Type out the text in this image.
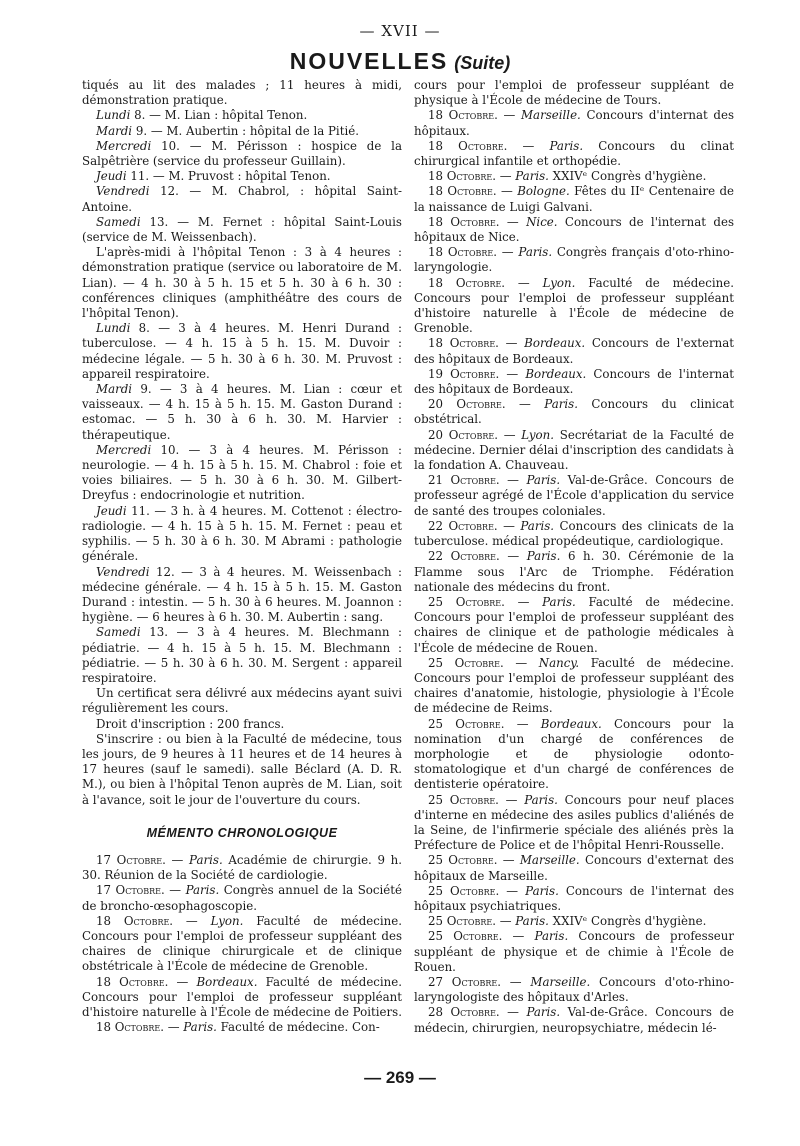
— XVII —
NOUVELLES (Suite)

tiqués au lit des malades ; 11 heures à midi, démonstration pratique.

Lundi 8. — M. Lian : hôpital Tenon.

Mardi 9. — M. Aubertin : hôpital de la Pitié.

Mercredi 10. — M. Périsson : hospice de la Salpêtrière (service du professeur Guillain).

Jeudi 11. — M. Pruvost : hôpital Tenon.

Vendredi 12. — M. Chabrol, : hôpital Saint-Antoine.

Samedi 13. — M. Fernet : hôpital Saint-Louis (service de M. Weissenbach).

L'après-midi à l'hôpital Tenon : 3 à 4 heures : démonstration pratique (service ou laboratoire de M. Lian). — 4 h. 30 à 5 h. 15 et 5 h. 30 à 6 h. 30 : conférences cliniques (amphithéâtre des cours de l'hôpital Tenon).

Lundi 8. — 3 à 4 heures. M. Henri Durand : tuberculose. — 4 h. 15 à 5 h. 15. M. Duvoir : médecine légale. — 5 h. 30 à 6 h. 30. M. Pruvost : appareil respiratoire.

Mardi 9. — 3 à 4 heures. M. Lian : cœur et vaisseaux. — 4 h. 15 à 5 h. 15. M. Gaston Durand : estomac. — 5 h. 30 à 6 h. 30. M. Harvier : thérapeutique.

Mercredi 10. — 3 à 4 heures. M. Périsson : neurologie. — 4 h. 15 à 5 h. 15. M. Chabrol : foie et voies biliaires. — 5 h. 30 à 6 h. 30. M. Gilbert-Dreyfus : endocrinologie et nutrition.

Jeudi 11. — 3 h. à 4 heures. M. Cottenot : électro-radiologie. — 4 h. 15 à 5 h. 15. M. Fernet : peau et syphilis. — 5 h. 30 à 6 h. 30. M Abrami : pathologie générale.

Vendredi 12. — 3 à 4 heures. M. Weissenbach : médecine générale. — 4 h. 15 à 5 h. 15. M. Gaston Durand : intestin. — 5 h. 30 à 6 heures. M. Joannon : hygiène. — 6 heures à 6 h. 30. M. Aubertin : sang.

Samedi 13. — 3 à 4 heures. M. Blechmann : pédiatrie. — 4 h. 15 à 5 h. 15. M. Blechmann : pédiatrie. — 5 h. 30 à 6 h. 30. M. Sergent : appareil respiratoire.

Un certificat sera délivré aux médecins ayant suivi régulièrement les cours.

Droit d'inscription : 200 francs.

S'inscrire : ou bien à la Faculté de médecine, tous les jours, de 9 heures à 11 heures et de 14 heures à 17 heures (sauf le samedi). salle Béclard (A. D. R. M.), ou bien à l'hôpital Tenon auprès de M. Lian, soit à l'avance, soit le jour de l'ouverture du cours.

MÉMENTO CHRONOLOGIQUE

17 Octobre. — Paris. Académie de chirurgie. 9 h. 30. Réunion de la Société de cardiologie.

17 Octobre. — Paris. Congrès annuel de la Société de broncho-œsophagoscopie.

18 Octobre. — Lyon. Faculté de médecine. Concours pour l'emploi de professeur suppléant des chaires de clinique chirurgicale et de clinique obstétricale à l'École de médecine de Grenoble.

18 Octobre. — Bordeaux. Faculté de médecine. Concours pour l'emploi de professeur suppléant d'histoire naturelle à l'École de médecine de Poitiers.

18 Octobre. — Paris. Faculté de médecine. Con-

cours pour l'emploi de professeur suppléant de physique à l'École de médecine de Tours.

18 Octobre. — Marseille. Concours d'internat des hôpitaux.

18 Octobre. — Paris. Concours du clinat chirurgical infantile et orthopédie.

18 Octobre. — Paris. XXIVᵉ Congrès d'hygiène.

18 Octobre. — Bologne. Fêtes du IIᵉ Centenaire de la naissance de Luigi Galvani.

18 Octobre. — Nice. Concours de l'internat des hôpitaux de Nice.

18 Octobre. — Paris. Congrès français d'oto-rhino-laryngologie.

18 Octobre. — Lyon. Faculté de médecine. Concours pour l'emploi de professeur suppléant d'histoire naturelle à l'École de médecine de Grenoble.

18 Octobre. — Bordeaux. Concours de l'externat des hôpitaux de Bordeaux.

19 Octobre. — Bordeaux. Concours de l'internat des hôpitaux de Bordeaux.

20 Octobre. — Paris. Concours du clinicat obstétrical.

20 Octobre. — Lyon. Secrétariat de la Faculté de médecine. Dernier délai d'inscription des candidats à la fondation A. Chauveau.

21 Octobre. — Paris. Val-de-Grâce. Concours de professeur agrégé de l'École d'application du service de santé des troupes coloniales.

22 Octobre. — Paris. Concours des clinicats de la tuberculose. médical propédeutique, cardiologique.

22 Octobre. — Paris. 6 h. 30. Cérémonie de la Flamme sous l'Arc de Triomphe. Fédération nationale des médecins du front.

25 Octobre. — Paris. Faculté de médecine. Concours pour l'emploi de professeur suppléant des chaires de clinique et de pathologie médicales à l'École de médecine de Rouen.

25 Octobre. — Nancy. Faculté de médecine. Concours pour l'emploi de professeur suppléant des chaires d'anatomie, histologie, physiologie à l'École de médecine de Reims.

25 Octobre. — Bordeaux. Concours pour la nomination d'un chargé de conférences de morphologie et de physiologie odonto-stomatologique et d'un chargé de conférences de dentisterie opératoire.

25 Octobre. — Paris. Concours pour neuf places d'interne en médecine des asiles publics d'aliénés de la Seine, de l'infirmerie spéciale des aliénés près la Préfecture de Police et de l'hôpital Henri-Rousselle.

25 Octobre. — Marseille. Concours d'externat des hôpitaux de Marseille.

25 Octobre. — Paris. Concours de l'internat des hôpitaux psychiatriques.

25 Octobre. — Paris. XXIVᵉ Congrès d'hygiène.

25 Octobre. — Paris. Concours de professeur suppléant de physique et de chimie à l'École de Rouen.

27 Octobre. — Marseille. Concours d'oto-rhino-laryngologiste des hôpitaux d'Arles.

28 Octobre. — Paris. Val-de-Grâce. Concours de médecin, chirurgien, neuropsychiatre, médecin lé-

— 269 —
